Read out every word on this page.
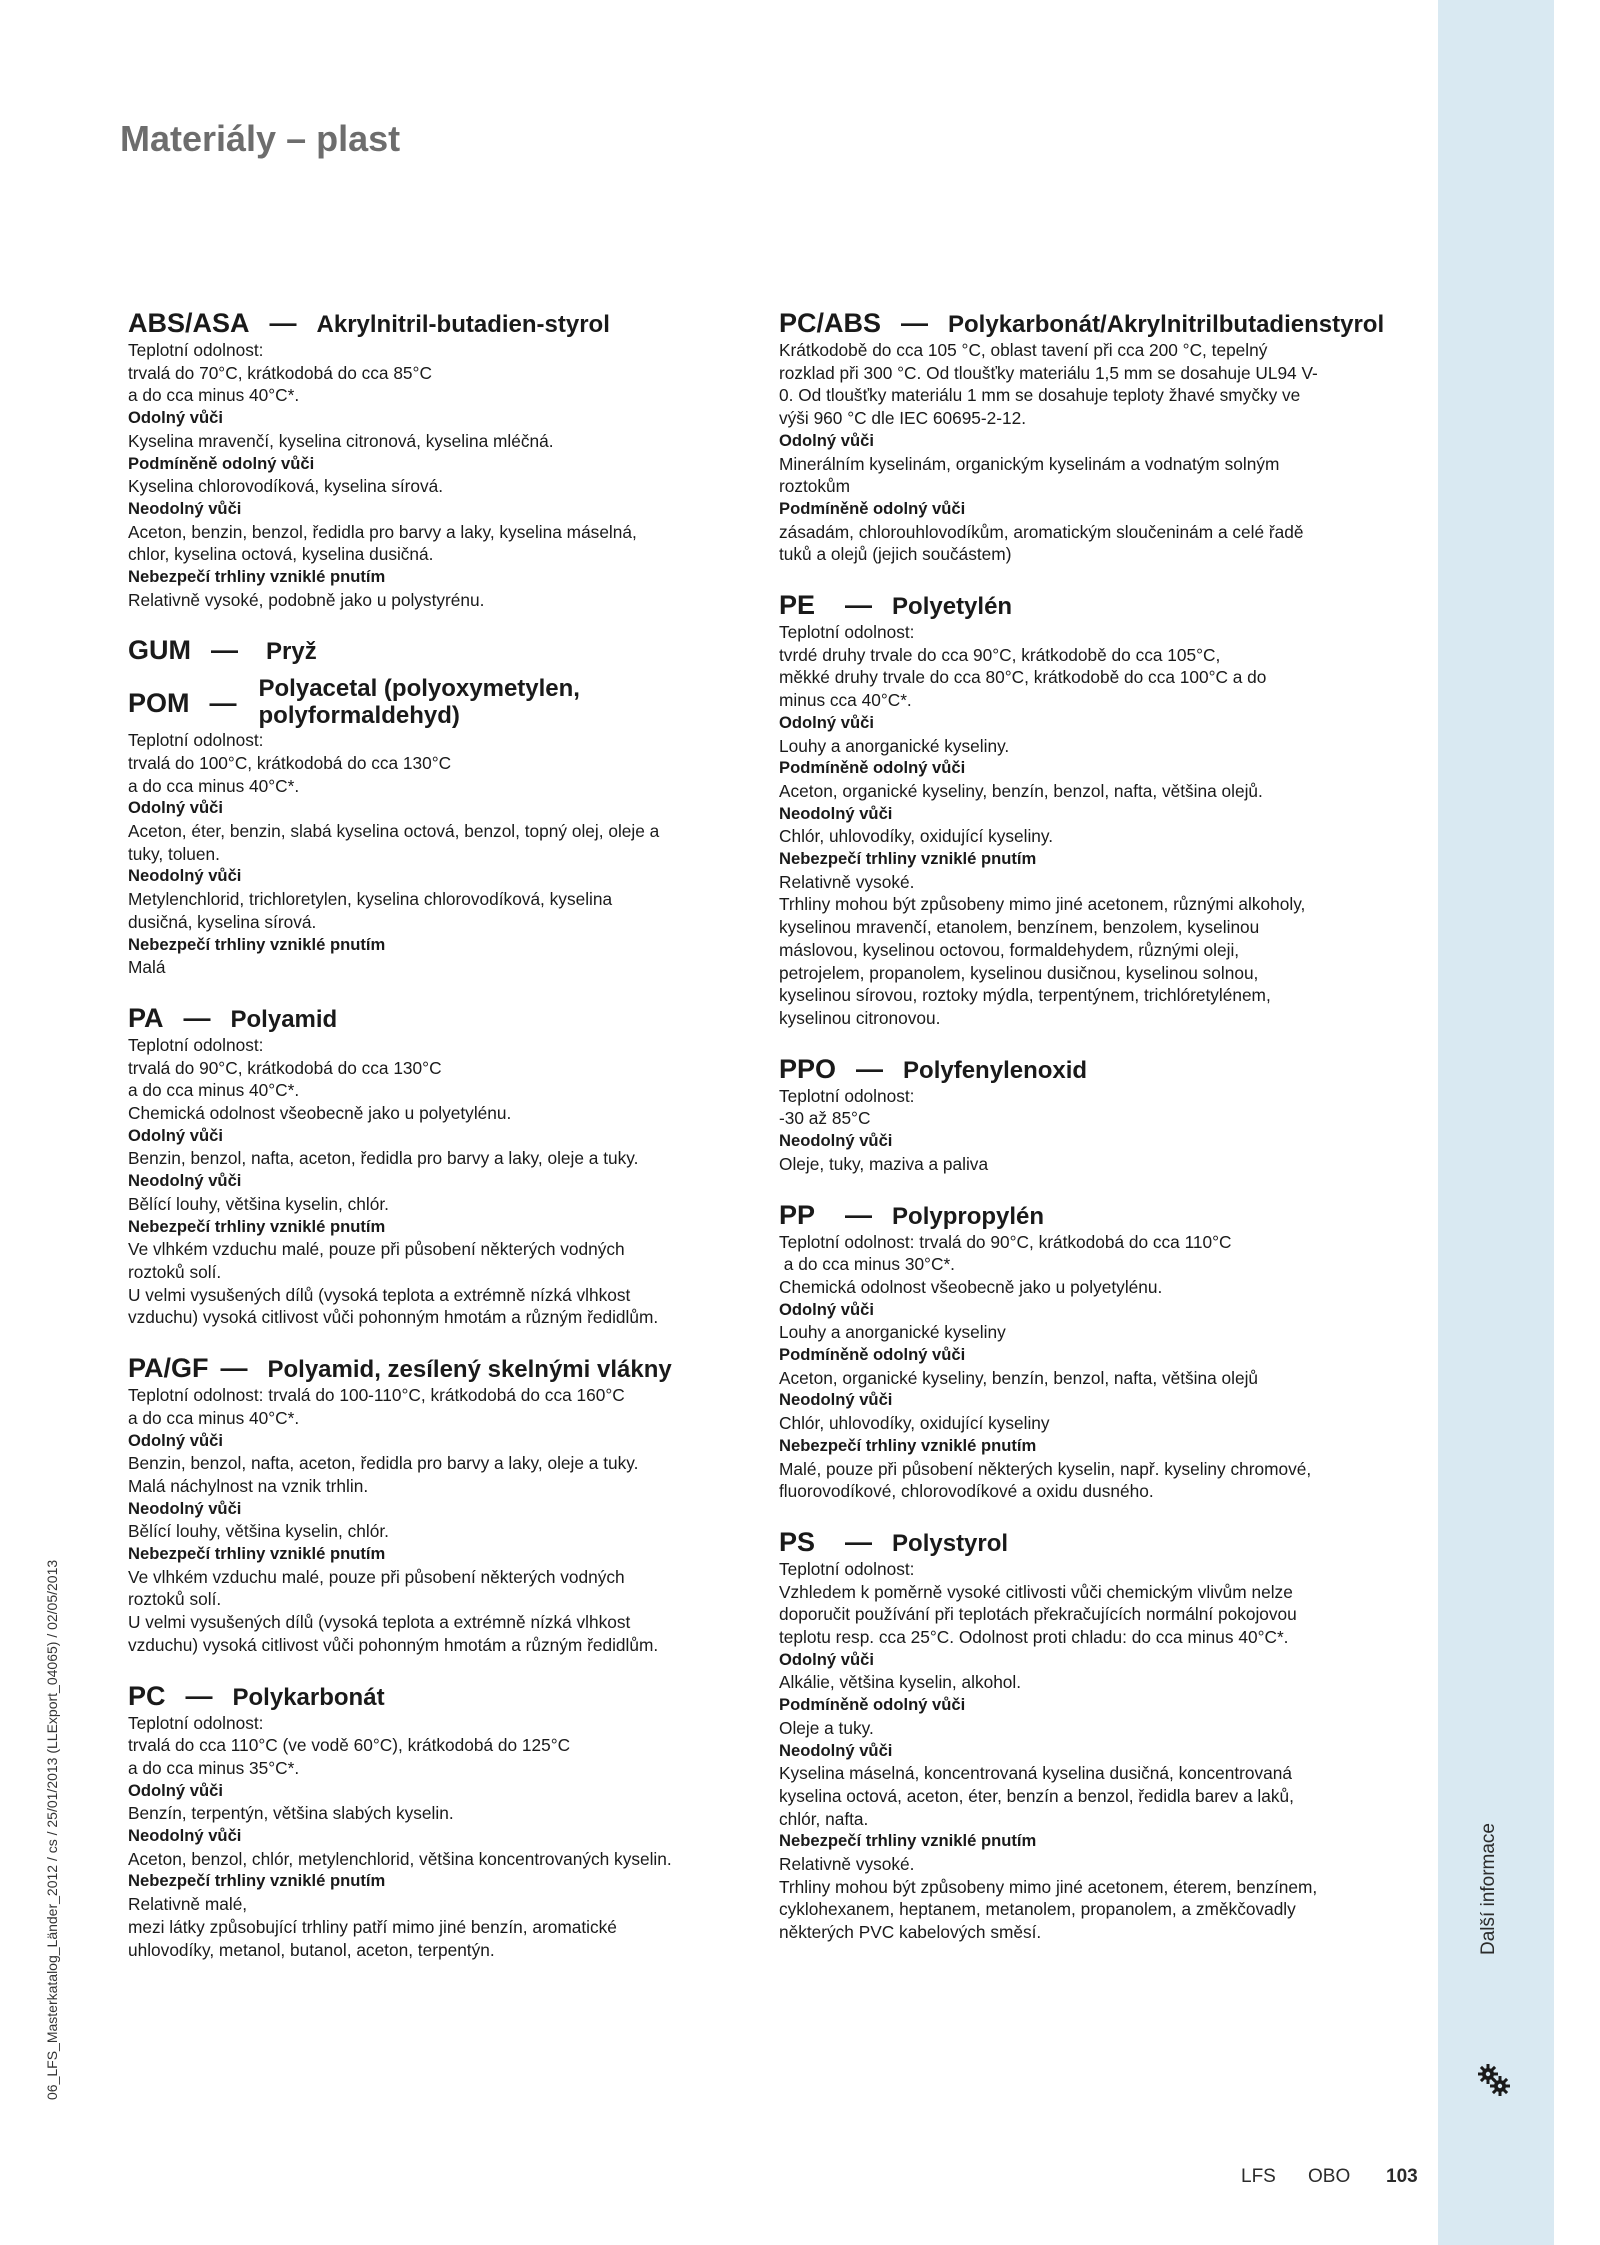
Materiály – plast
ABS/ASA — Akrylnitril-butadien-styrol

Teplotní odolnost:

trvalá do 70°C, krátkodobá do cca 85°C

a do cca minus 40°C*.

Odolný vůči

Kyselina mravenčí, kyselina citronová, kyselina mléčná.

Podmíněně odolný vůči

Kyselina chlorovodíková, kyselina sírová.

Neodolný vůči

Aceton, benzin, benzol, ředidla pro barvy a laky, kyselina máselná,

chlor, kyselina octová, kyselina dusičná.

Nebezpečí trhliny vzniklé pnutím

Relativně vysoké, podobně jako u polystyrénu.

GUM — Pryž
POM — Polyacetal (polyoxymetylen, polyformaldehyd)

Teplotní odolnost:

trvalá do 100°C, krátkodobá do cca 130°C

a do cca minus 40°C*.

Odolný vůči

Aceton, éter, benzin, slabá kyselina octová, benzol, topný olej, oleje a

tuky, toluen.

Neodolný vůči

Metylenchlorid, trichloretylen, kyselina chlorovodíková, kyselina

dusičná, kyselina sírová.

Nebezpečí trhliny vzniklé pnutím

Malá

PA — Polyamid

Teplotní odolnost:

trvalá do 90°C, krátkodobá do cca 130°C

a do cca minus 40°C*.

Chemická odolnost všeobecně jako u polyetylénu.

Odolný vůči

Benzin, benzol, nafta, aceton, ředidla pro barvy a laky, oleje a tuky.

Neodolný vůči

Bělící louhy, většina kyselin, chlór.

Nebezpečí trhliny vzniklé pnutím

Ve vlhkém vzduchu malé, pouze při působení některých vodných

roztoků solí.

U velmi vysušených dílů (vysoká teplota a extrémně nízká vlhkost

vzduchu) vysoká citlivost vůči pohonným hmotám a různým ředidlům.

PA/GF — Polyamid, zesílený skelnými vlákny

Teplotní odolnost: trvalá do 100-110°C, krátkodobá do cca 160°C

a do cca minus 40°C*.

Odolný vůči

Benzin, benzol, nafta, aceton, ředidla pro barvy a laky, oleje a tuky.

Malá náchylnost na vznik trhlin.

Neodolný vůči

Bělící louhy, většina kyselin, chlór.

Nebezpečí trhliny vzniklé pnutím

Ve vlhkém vzduchu malé, pouze při působení některých vodných

roztoků solí.

U velmi vysušených dílů (vysoká teplota a extrémně nízká vlhkost

vzduchu) vysoká citlivost vůči pohonným hmotám a různým ředidlům.

PC — Polykarbonát

Teplotní odolnost:

trvalá do cca 110°C (ve vodě 60°C), krátkodobá do 125°C

a do cca minus 35°C*.

Odolný vůči

Benzín, terpentýn, většina slabých kyselin.

Neodolný vůči

Aceton, benzol, chlór, metylenchlorid, většina koncentrovaných kyselin.

Nebezpečí trhliny vzniklé pnutím

Relativně malé,

mezi látky způsobující trhliny patří mimo jiné benzín, aromatické

uhlovodíky, metanol, butanol, aceton, terpentýn.

PC/ABS — Polykarbonát/Akrylnitrilbutadienstyrol

Krátkodobě do cca 105 °C, oblast tavení při cca 200 °C, tepelný

rozklad při 300 °C. Od tloušťky materiálu 1,5 mm se dosahuje UL94 V-

0. Od tloušťky materiálu 1 mm se dosahuje teploty žhavé smyčky ve

výši 960 °C dle IEC 60695-2-12.

Odolný vůči

Minerálním kyselinám, organickým kyselinám a vodnatým solným

roztokům

Podmíněně odolný vůči

zásadám, chlorouhlovodíkům, aromatickým sloučeninám a celé řadě

tuků a olejů (jejich součástem)

PE — Polyetylén

Teplotní odolnost:

tvrdé druhy trvale do cca 90°C, krátkodobě do cca 105°C,

měkké druhy trvale do cca 80°C, krátkodobě do cca 100°C a do

minus cca 40°C*.

Odolný vůči

Louhy a anorganické kyseliny.

Podmíněně odolný vůči

Aceton, organické kyseliny, benzín, benzol, nafta, většina olejů.

Neodolný vůči

Chlór, uhlovodíky, oxidující kyseliny.

Nebezpečí trhliny vzniklé pnutím

Relativně vysoké.

Trhliny mohou být způsobeny mimo jiné acetonem, různými alkoholy,

kyselinou mravenčí, etanolem, benzínem, benzolem, kyselinou

máslovou, kyselinou octovou, formaldehydem, různými oleji,

petrojelem, propanolem, kyselinou dusičnou, kyselinou solnou,

kyselinou sírovou, roztoky mýdla, terpentýnem, trichlóretylénem,

kyselinou citronovou.

PPO — Polyfenylenoxid

Teplotní odolnost:

-30 až 85°C

Neodolný vůči

Oleje, tuky, maziva a paliva

PP — Polypropylén

Teplotní odolnost: trvalá do 90°C, krátkodobá do cca 110°C

a do cca minus 30°C*.

Chemická odolnost všeobecně jako u polyetylénu.

Odolný vůči

Louhy a anorganické kyseliny

Podmíněně odolný vůči

Aceton, organické kyseliny, benzín, benzol, nafta, většina olejů

Neodolný vůči

Chlór, uhlovodíky, oxidující kyseliny

Nebezpečí trhliny vzniklé pnutím

Malé, pouze při působení některých kyselin, např. kyseliny chromové,

fluorovodíkové, chlorovodíkové a oxidu dusného.

PS — Polystyrol

Teplotní odolnost:

Vzhledem k poměrně vysoké citlivosti vůči chemickým vlivům nelze

doporučit používání při teplotách překračujících normální pokojovou

teplotu resp. cca 25°C. Odolnost proti chladu: do cca minus 40°C*.

Odolný vůči

Alkálie, většina kyselin, alkohol.

Podmíněně odolný vůči

Oleje a tuky.

Neodolný vůči

Kyselina máselná, koncentrovaná kyselina dusičná, koncentrovaná

kyselina octová, aceton, éter, benzín a benzol, ředidla barev a laků,

chlór, nafta.

Nebezpečí trhliny vzniklé pnutím

Relativně vysoké.

Trhliny mohou být způsobeny mimo jiné acetonem, éterem, benzínem,

cyklohexanem, heptanem, metanolem, propanolem, a změkčovadly

některých PVC kabelových směsí.	Další informace
06_LFS_Masterkatalog_Länder_2012 / cs / 25/01/2013 (LLExport_04065) / 02/05/2013
LFS OBO 103
